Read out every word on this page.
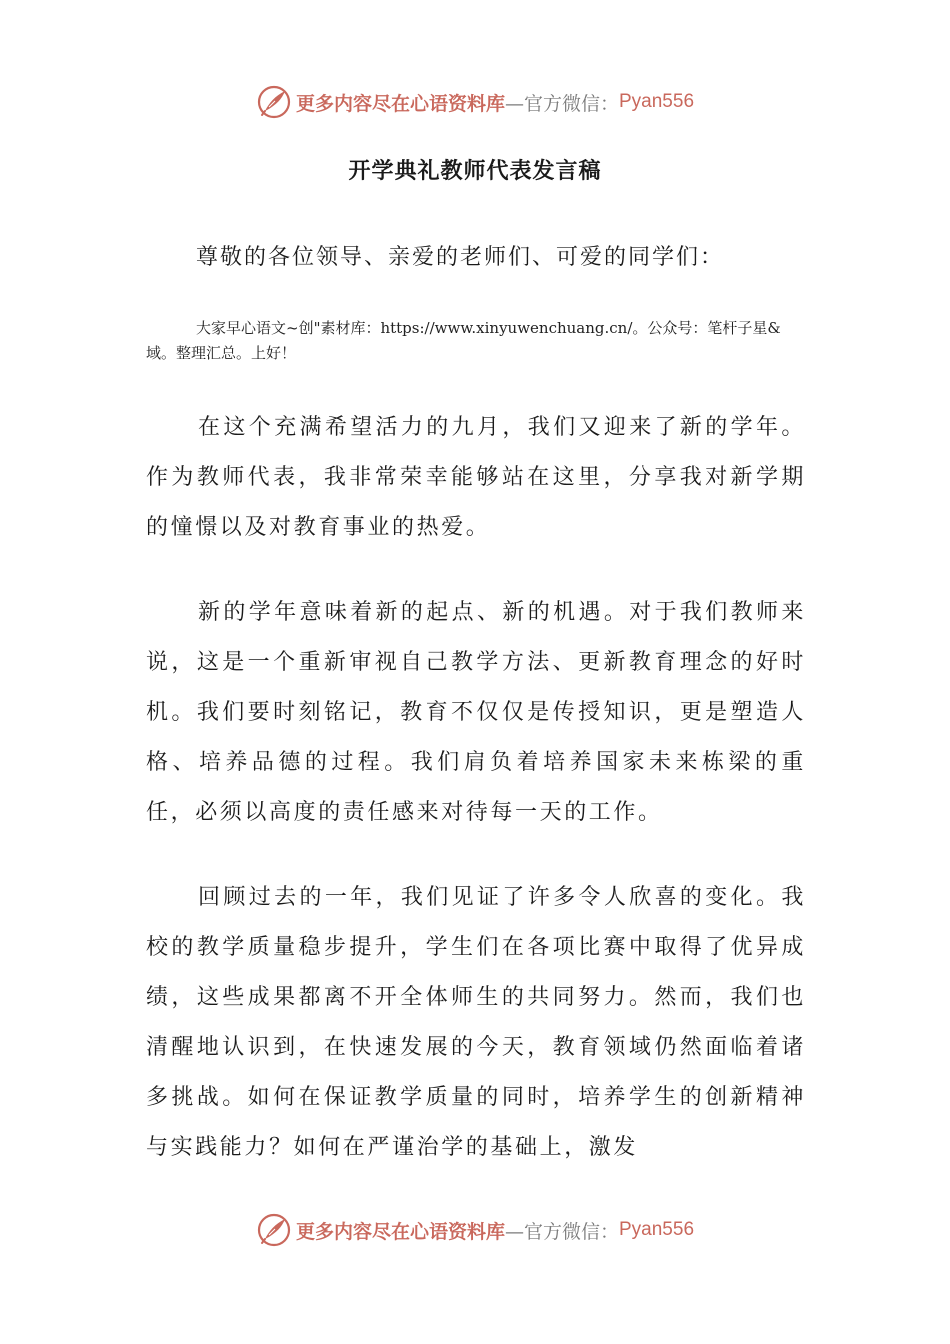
更多内容尽在心语资料库 —官方微信： Pyan556
开学典礼教师代表发言稿

尊敬的各位领导、亲爱的老师们、可爱的同学们：

大家早心语文~创"素材库：https://www.xinyuwenchuang.cn/。公众号：笔杆子星&域。整理汇总。上好！

在这个充满希望活力的九月，我们又迎来了新的学年。作为教师代表，我非常荣幸能够站在这里，分享我对新学期的憧憬以及对教育事业的热爱。

新的学年意味着新的起点、新的机遇。对于我们教师来说，这是一个重新审视自己教学方法、更新教育理念的好时机。我们要时刻铭记，教育不仅仅是传授知识，更是塑造人格、培养品德的过程。我们肩负着培养国家未来栋梁的重任，必须以高度的责任感来对待每一天的工作。

回顾过去的一年，我们见证了许多令人欣喜的变化。我校的教学质量稳步提升，学生们在各项比赛中取得了优异成绩，这些成果都离不开全体师生的共同努力。然而，我们也清醒地认识到，在快速发展的今天，教育领域仍然面临着诸多挑战。如何在保证教学质量的同时，培养学生的创新精神与实践能力？如何在严谨治学的基础上，激发

更多内容尽在心语资料库 —官方微信： Pyan556
